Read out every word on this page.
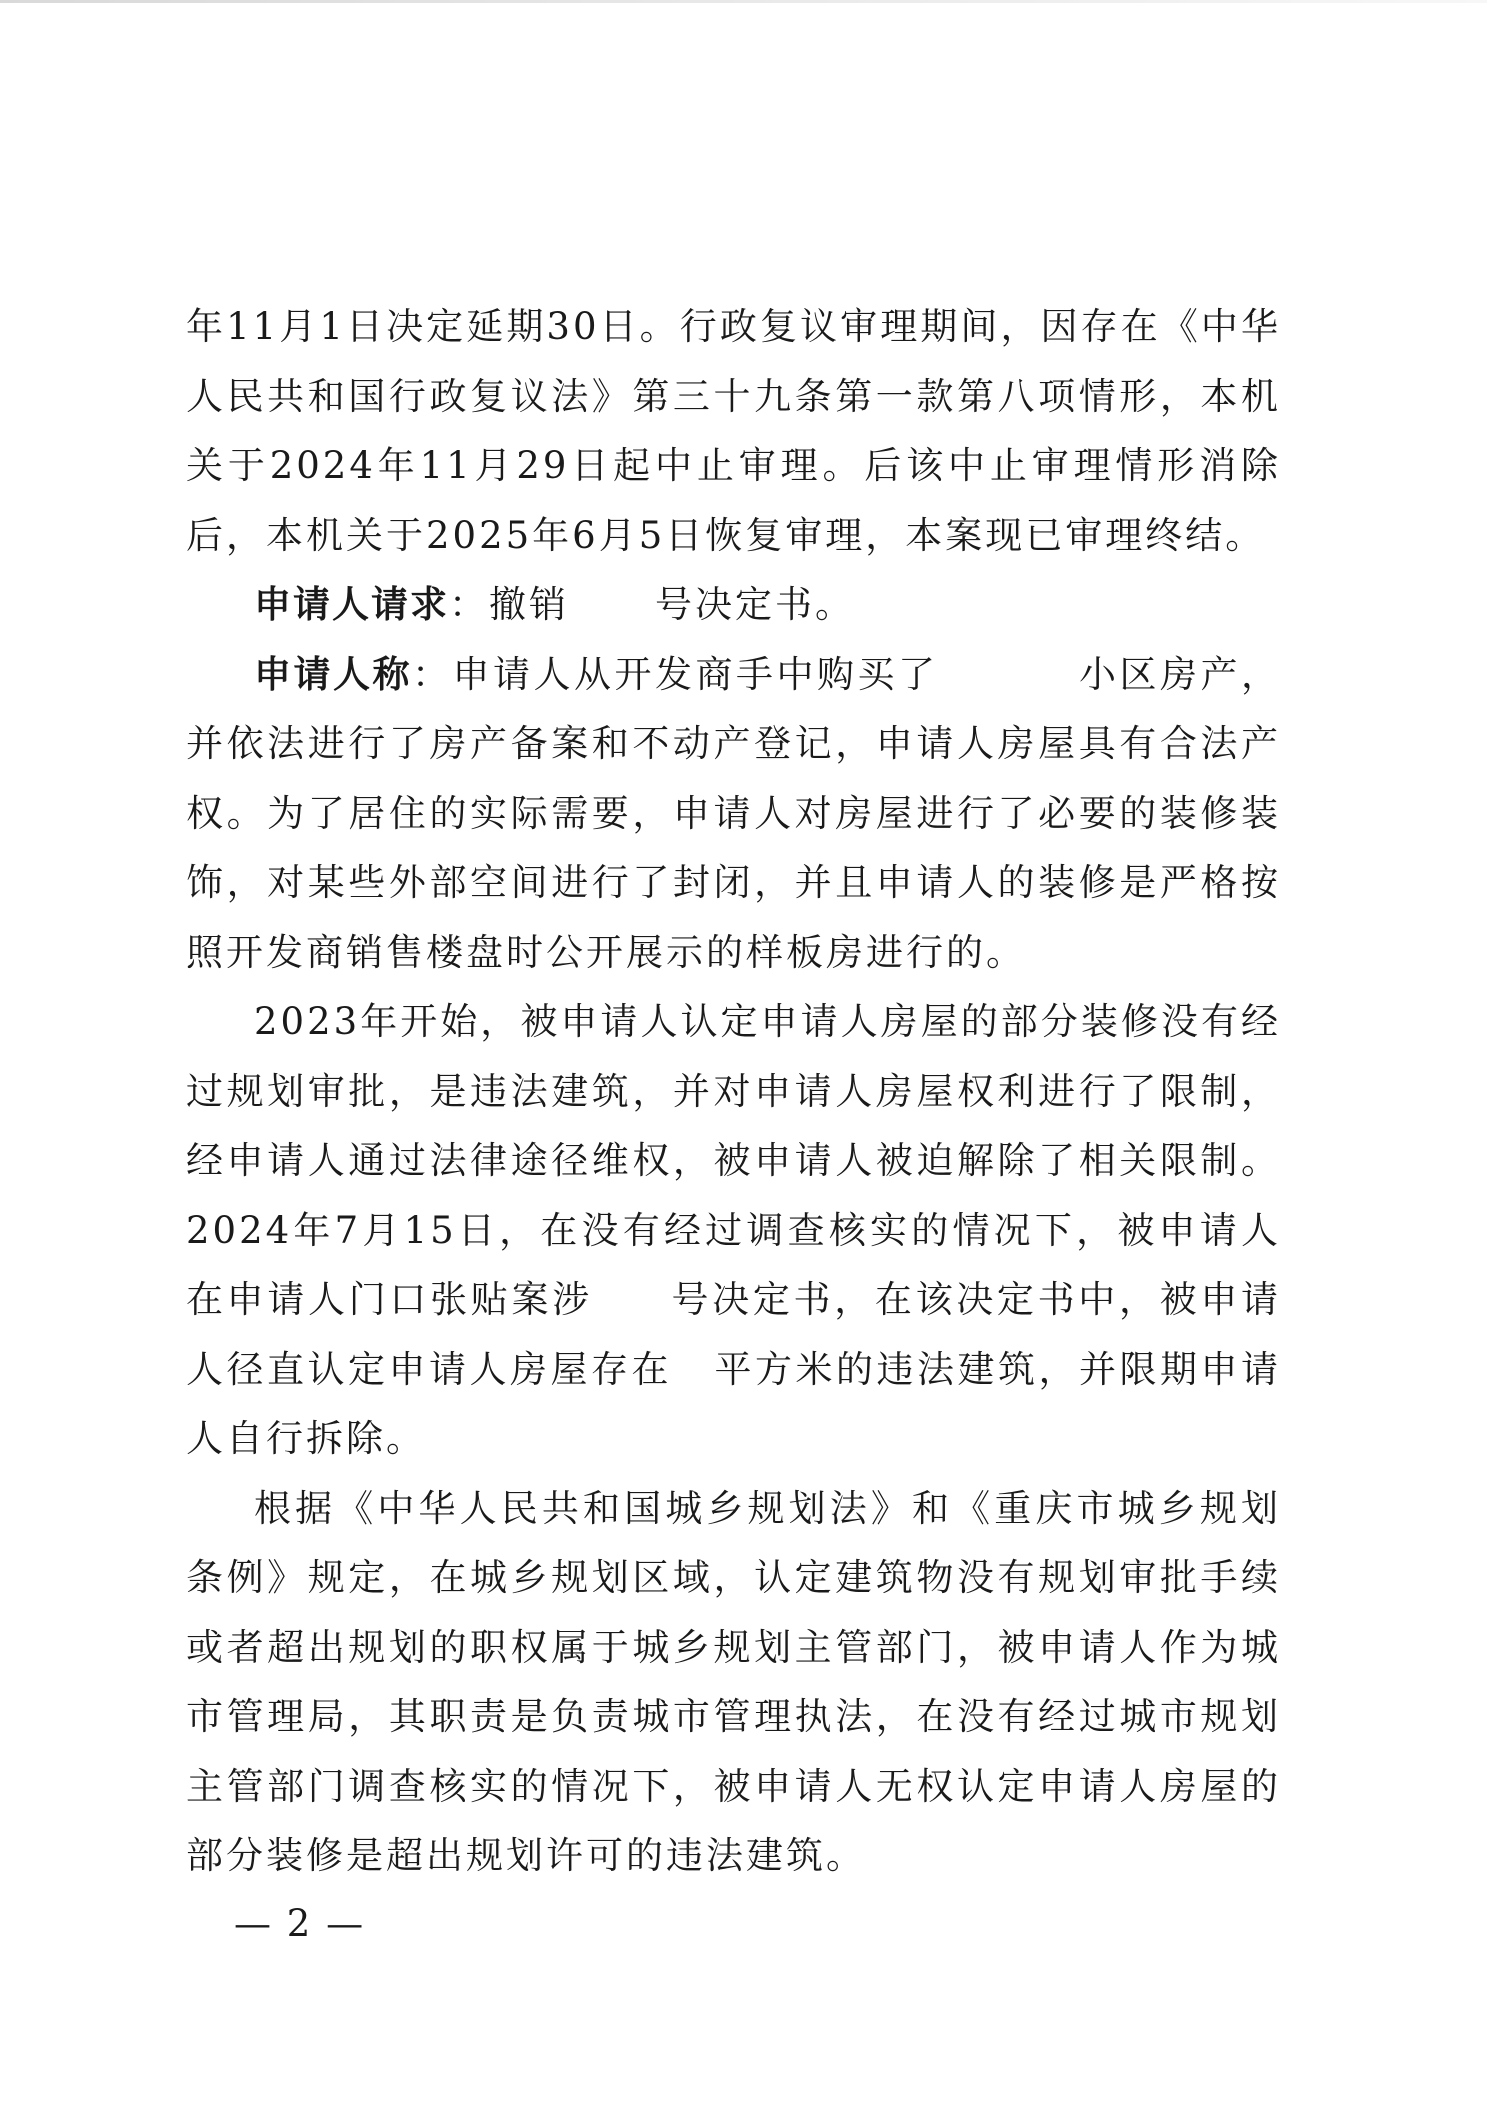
年11月1日决定延期30日。行政复议审理期间，因存在《中华人民共和国行政复议法》第三十九条第一款第八项情形，本机关于2024年11月29日起中止审理。后该中止审理情形消除后，本机关于2025年6月5日恢复审理，本案现已审理终结。

申请人请求：撤销 号决定书。

申请人称：申请人从开发商手中购买了	小区房产，并依法进行了房产备案和不动产登记，申请人房屋具有合法产权。为了居住的实际需要，申请人对房屋进行了必要的装修装饰，对某些外部空间进行了封闭，并且申请人的装修是严格按照开发商销售楼盘时公开展示的样板房进行的。

2023年开始，被申请人认定申请人房屋的部分装修没有经过规划审批，是违法建筑，并对申请人房屋权利进行了限制，经申请人通过法律途径维权，被申请人被迫解除了相关限制。 2024年7月15日，在没有经过调查核实的情况下，被申请人在申请人门口张贴案涉 号决定书，在该决定书中，被申请人径直认定申请人房屋存在 平方米的违法建筑，并限期申请人自行拆除。

根据《中华人民共和国城乡规划法》和《重庆市城乡规划条例》规定，在城乡规划区域，认定建筑物没有规划审批手续或者超出规划的职权属于城乡规划主管部门，被申请人作为城市管理局，其职责是负责城市管理执法，在没有经过城市规划主管部门调查核实的情况下，被申请人无权认定申请人房屋的部分装修是超出规划许可的违法建筑。

— 2 —
